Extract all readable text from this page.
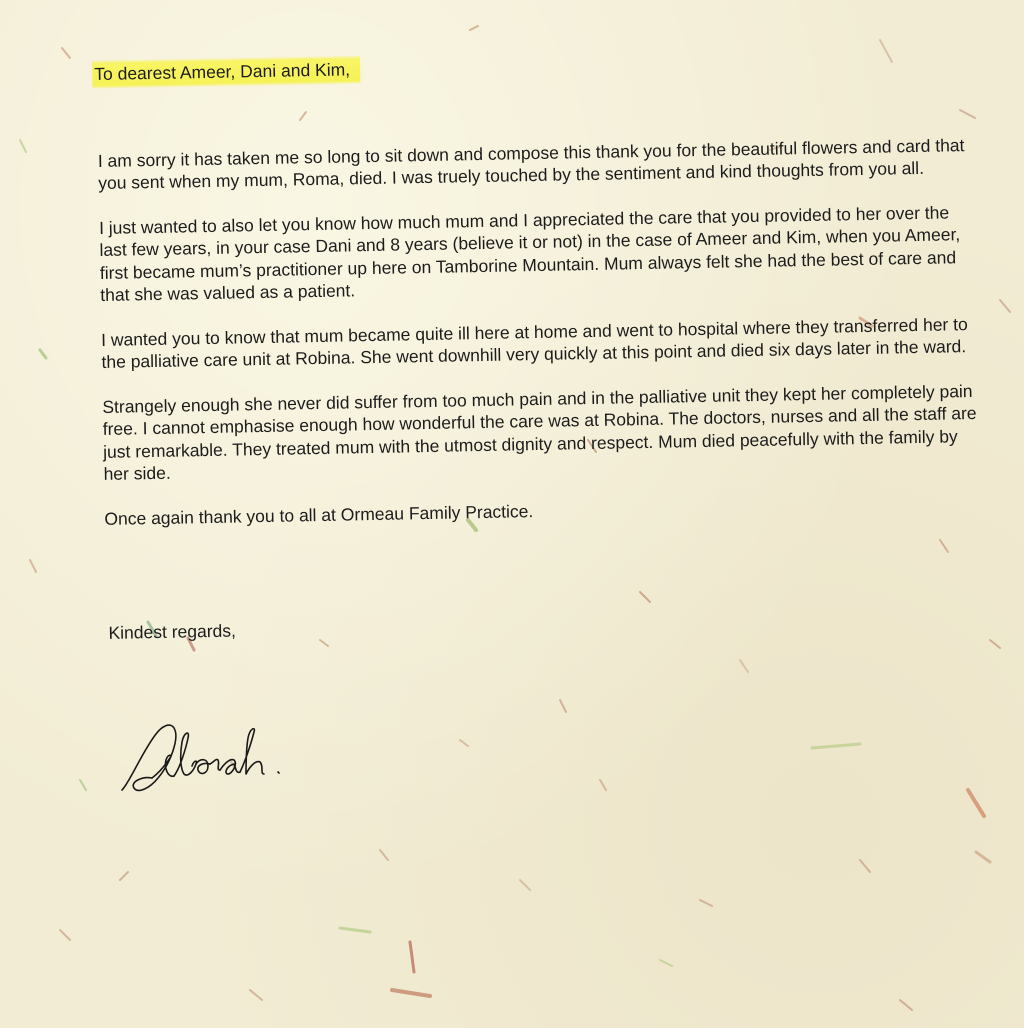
To dearest Ameer, Dani and Kim,

I am sorry it has taken me so long to sit down and compose this thank you for the beautiful flowers and card that you sent when my mum, Roma, died. I was truely touched by the sentiment and kind thoughts from you all.

I just wanted to also let you know how much mum and I appreciated the care that you provided to her over the last few years, in your case Dani and 8 years (believe it or not) in the case of Ameer and Kim, when you Ameer, first became mum’s practitioner up here on Tamborine Mountain. Mum always felt she had the best of care and that she was valued as a patient.

I wanted you to know that mum became quite ill here at home and went to hospital where they transferred her to the palliative care unit at Robina. She went downhill very quickly at this point and died six days later in the ward.

Strangely enough she never did suffer from too much pain and in the palliative unit they kept her completely pain free. I cannot emphasise enough how wonderful the care was at Robina. The doctors, nurses and all the staff are just remarkable. They treated mum with the utmost dignity and respect. Mum died peacefully with the family by her side.

Once again thank you to all at Ormeau Family Practice.

Kindest regards,
